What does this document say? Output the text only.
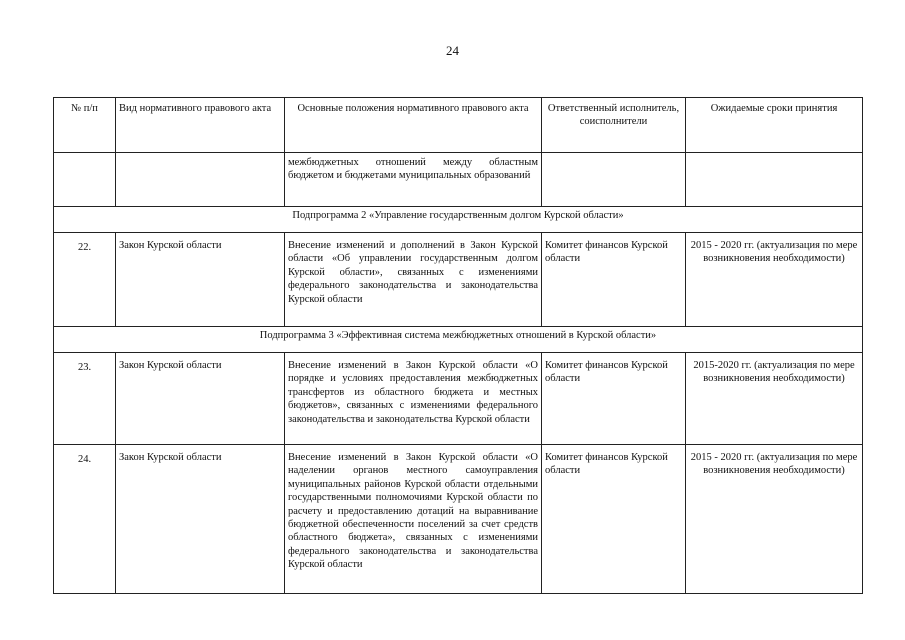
24
№ п/п	Вид нормативного правового акта	Основные положения нормативного правового акта	Ответственный исполнитель, соисполнители	Ожидаемые сроки принятия
		межбюджетных отношений между областным бюджетом и бюджетами муниципальных образований		
Подпрограмма 2 «Управление государственным долгом Курской области»				
22.	Закон Курской области	Внесение изменений и дополнений в Закон Курской области «Об управлении государственным долгом Курской области», связанных с изменениями федерального законодательства и законодательства Курской области	Комитет финансов Курской области	2015 - 2020 гг. (актуализация по мере возникновения необходимости)
Подпрограмма 3 «Эффективная система межбюджетных отношений в Курской области»				
23.	Закон Курской области	Внесение изменений в Закон Курской области «О порядке и условиях предоставления межбюджетных трансфертов из областного бюджета и местных бюджетов», связанных с изменениями федерального законодательства и законодательства Курской области	Комитет финансов Курской области	2015-2020 гг. (актуализация по мере возникновения необходимости)
24.	Закон Курской области	Внесение изменений в Закон Курской области «О наделении органов местного самоуправления муниципальных районов Курской области отдельными государственными полномочиями Курской области по расчету и предоставлению дотаций на выравнивание бюджетной обеспеченности поселений за счет средств областного бюджета», связанных с изменениями федерального законодательства и законодательства Курской области	Комитет финансов Курской области	2015 - 2020 гг. (актуализация по мере возникновения необходимости)
